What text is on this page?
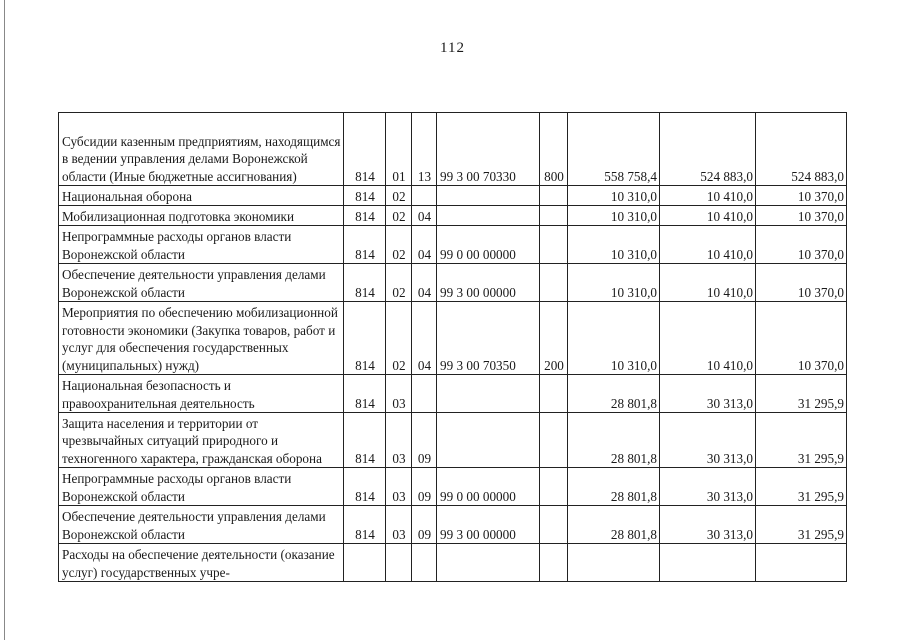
112
Субсидии казенным предприятиям, находящимся в ведении управления делами Воронежской области (Иные бюджетные ассигнования)	814	01	13	99 3 00 70330	800	558 758,4	524 883,0	524 883,0
Национальная оборона	814	02				10 310,0	10 410,0	10 370,0
Мобилизационная подготовка экономики	814	02	04			10 310,0	10 410,0	10 370,0
Непрограммные расходы органов власти Воронежской области	814	02	04	99 0 00 00000		10 310,0	10 410,0	10 370,0
Обеспечение деятельности управления делами Воронежской области	814	02	04	99 3 00 00000		10 310,0	10 410,0	10 370,0
Мероприятия по обеспечению мобилизационной готовности экономики (Закупка товаров, работ и услуг для обеспечения государственных (муниципальных) нужд)	814	02	04	99 3 00 70350	200	10 310,0	10 410,0	10 370,0
Национальная безопасность и правоохранительная деятельность	814	03				28 801,8	30 313,0	31 295,9
Защита населения и территории от чрезвычайных ситуаций природного и техногенного характера, гражданская оборона	814	03	09			28 801,8	30 313,0	31 295,9
Непрограммные расходы органов власти Воронежской области	814	03	09	99 0 00 00000		28 801,8	30 313,0	31 295,9
Обеспечение деятельности управления делами Воронежской области	814	03	09	99 3 00 00000		28 801,8	30 313,0	31 295,9
Расходы на обеспечение деятельности (оказание услуг) государственных учре-								
